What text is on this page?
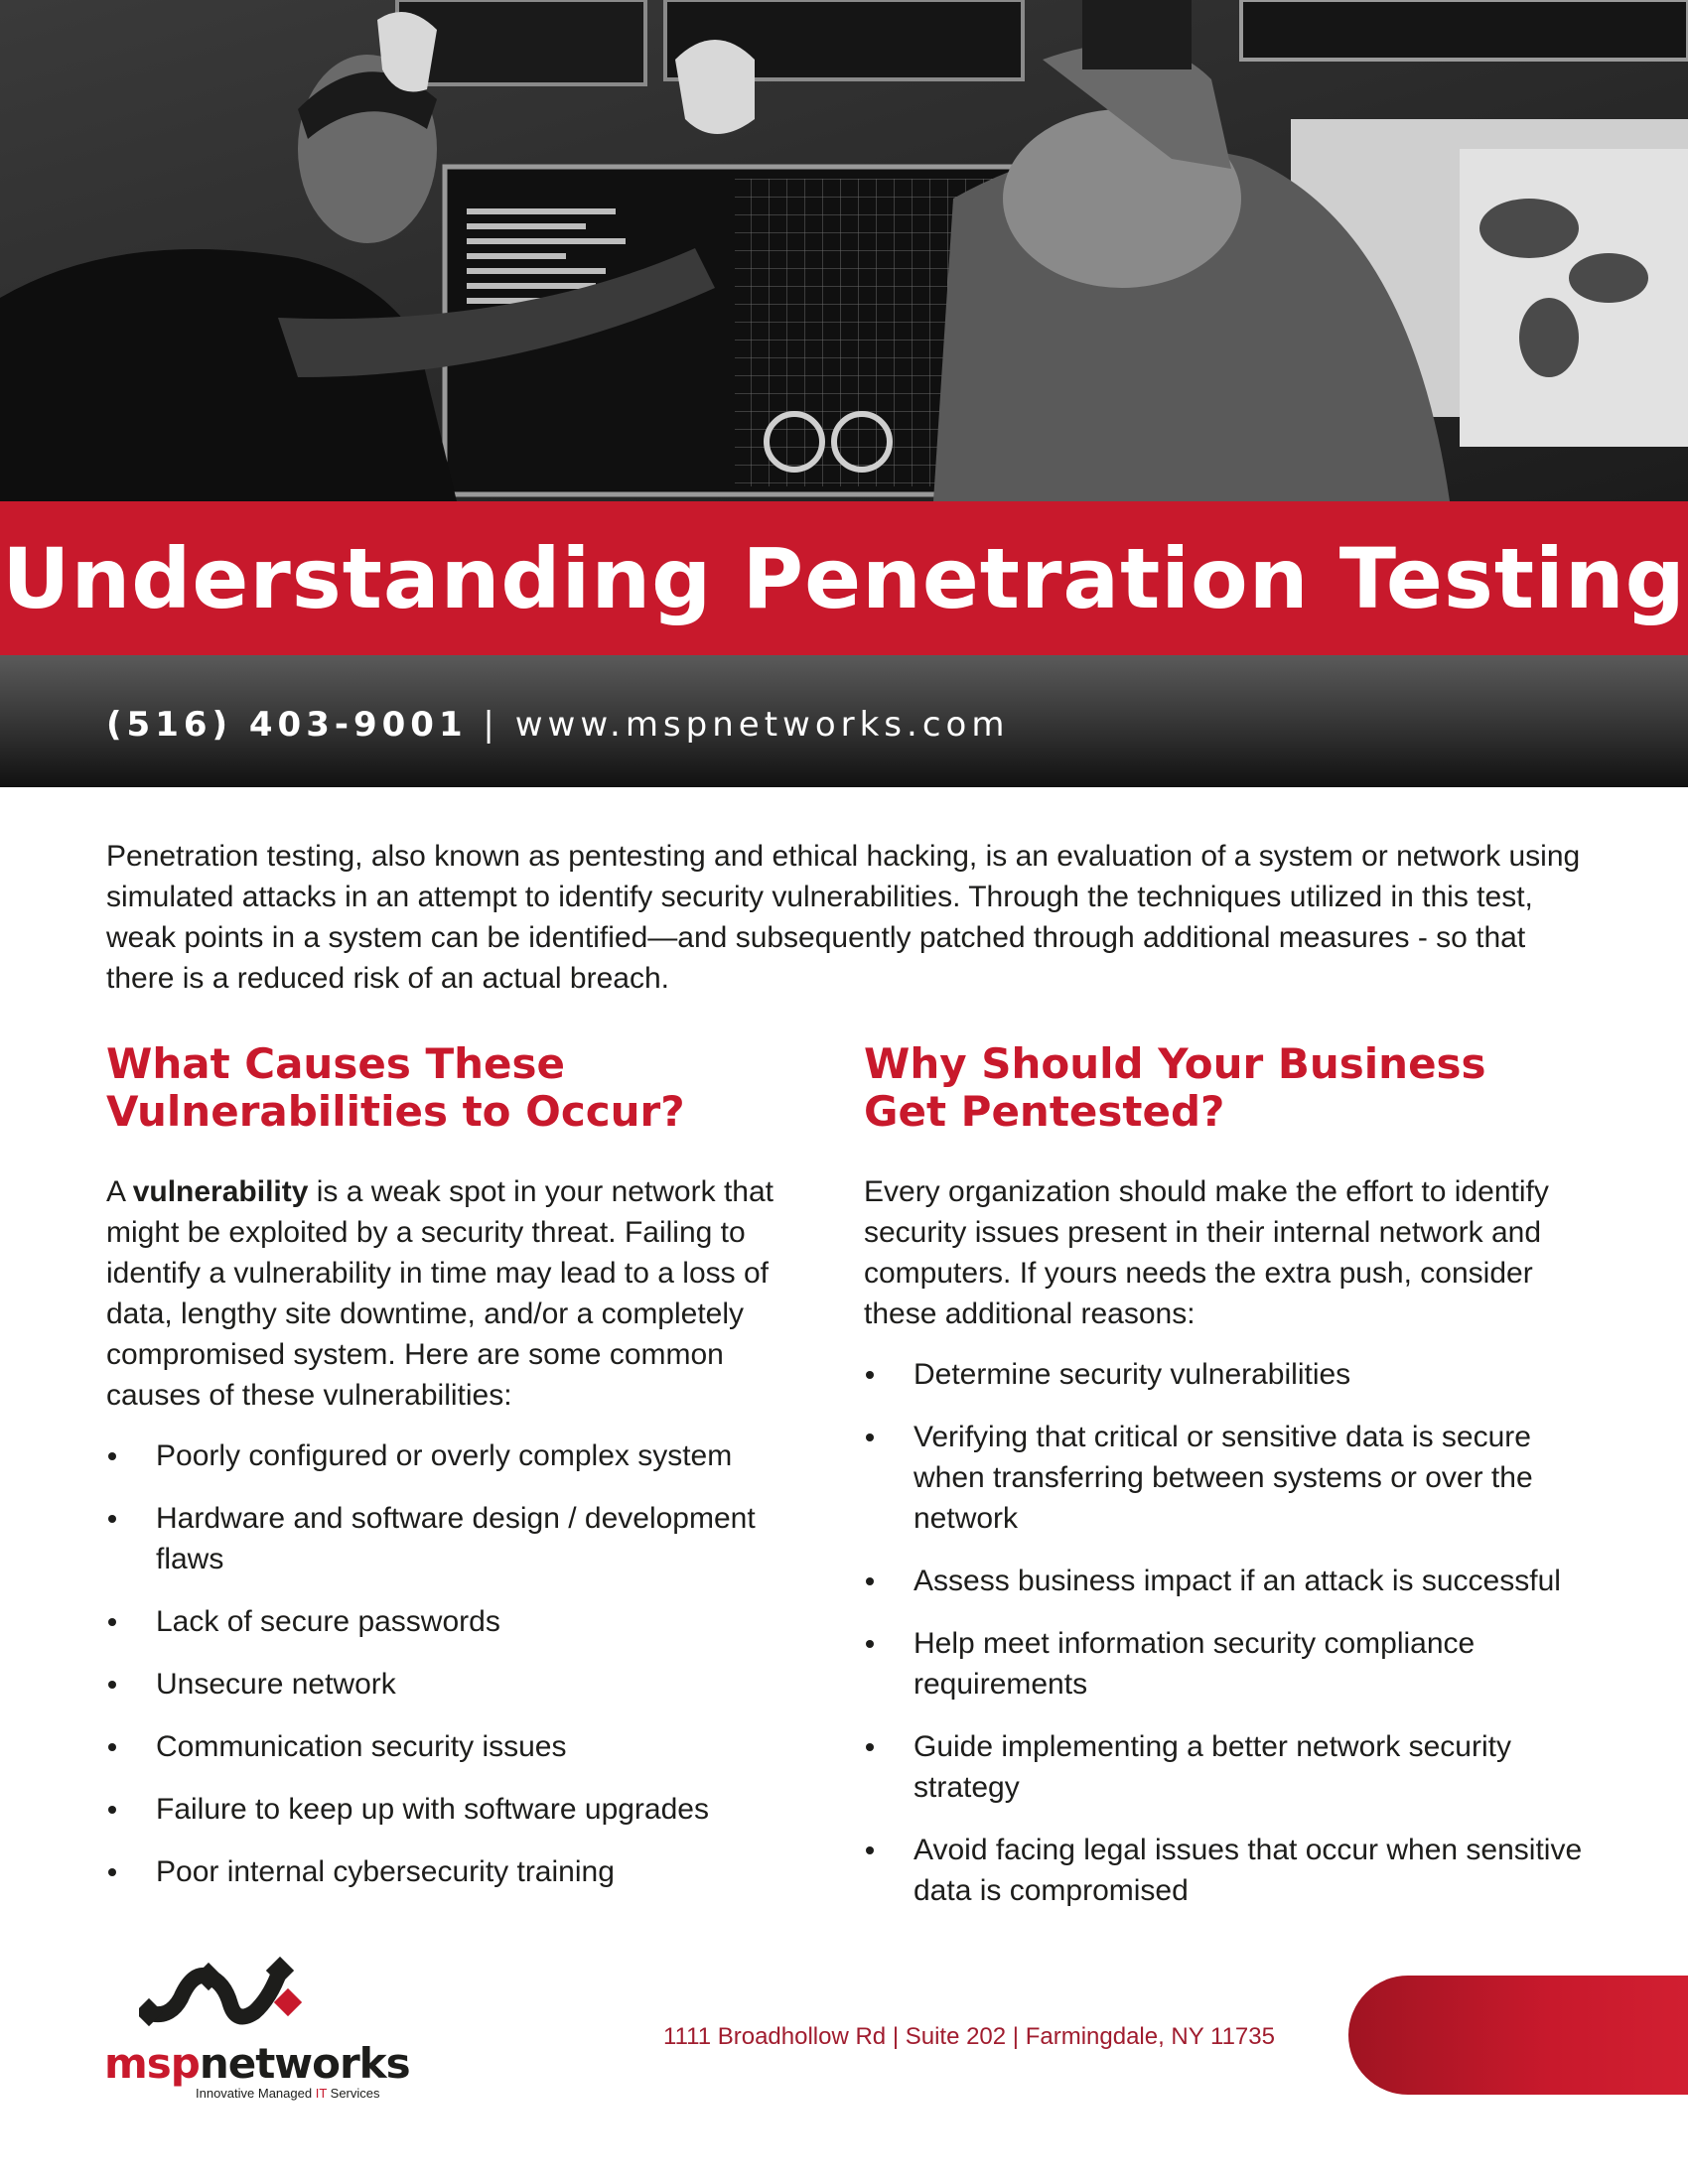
Understanding Penetration Testing
(516) 403-9001 | www.mspnetworks.com

Penetration testing, also known as pentesting and ethical hacking, is an evaluation of a system or network using simulated attacks in an attempt to identify security vulnerabilities. Through the techniques utilized in this test, weak points in a system can be identified—and subsequently patched through additional measures - so that there is a reduced risk of an actual breach.

What Causes These
Vulnerabilities to Occur?

A vulnerability is a weak spot in your network that might be exploited by a security threat. Failing to identify a vulnerability in time may lead to a loss of data, lengthy site downtime, and/or a completely compromised system. Here are some common causes of these vulnerabilities:

Poorly configured or overly complex system
Hardware and software design / development flaws
Lack of secure passwords
Unsecure network
Communication security issues
Failure to keep up with software upgrades
Poor internal cybersecurity training
Why Should Your Business
Get Pentested?

Every organization should make the effort to identify security issues present in their internal network and computers. If yours needs the extra push, consider these additional reasons:

Determine security vulnerabilities
Verifying that critical or sensitive data is secure when transferring between systems or over the network
Assess business impact if an attack is successful
Help meet information security compliance requirements
Guide implementing a better network security strategy
Avoid facing legal issues that occur when sensitive data is compromised
mspnetworks
Innovative Managed IT Services
1111 Broadhollow Rd | Suite 202 | Farmingdale, NY 11735
